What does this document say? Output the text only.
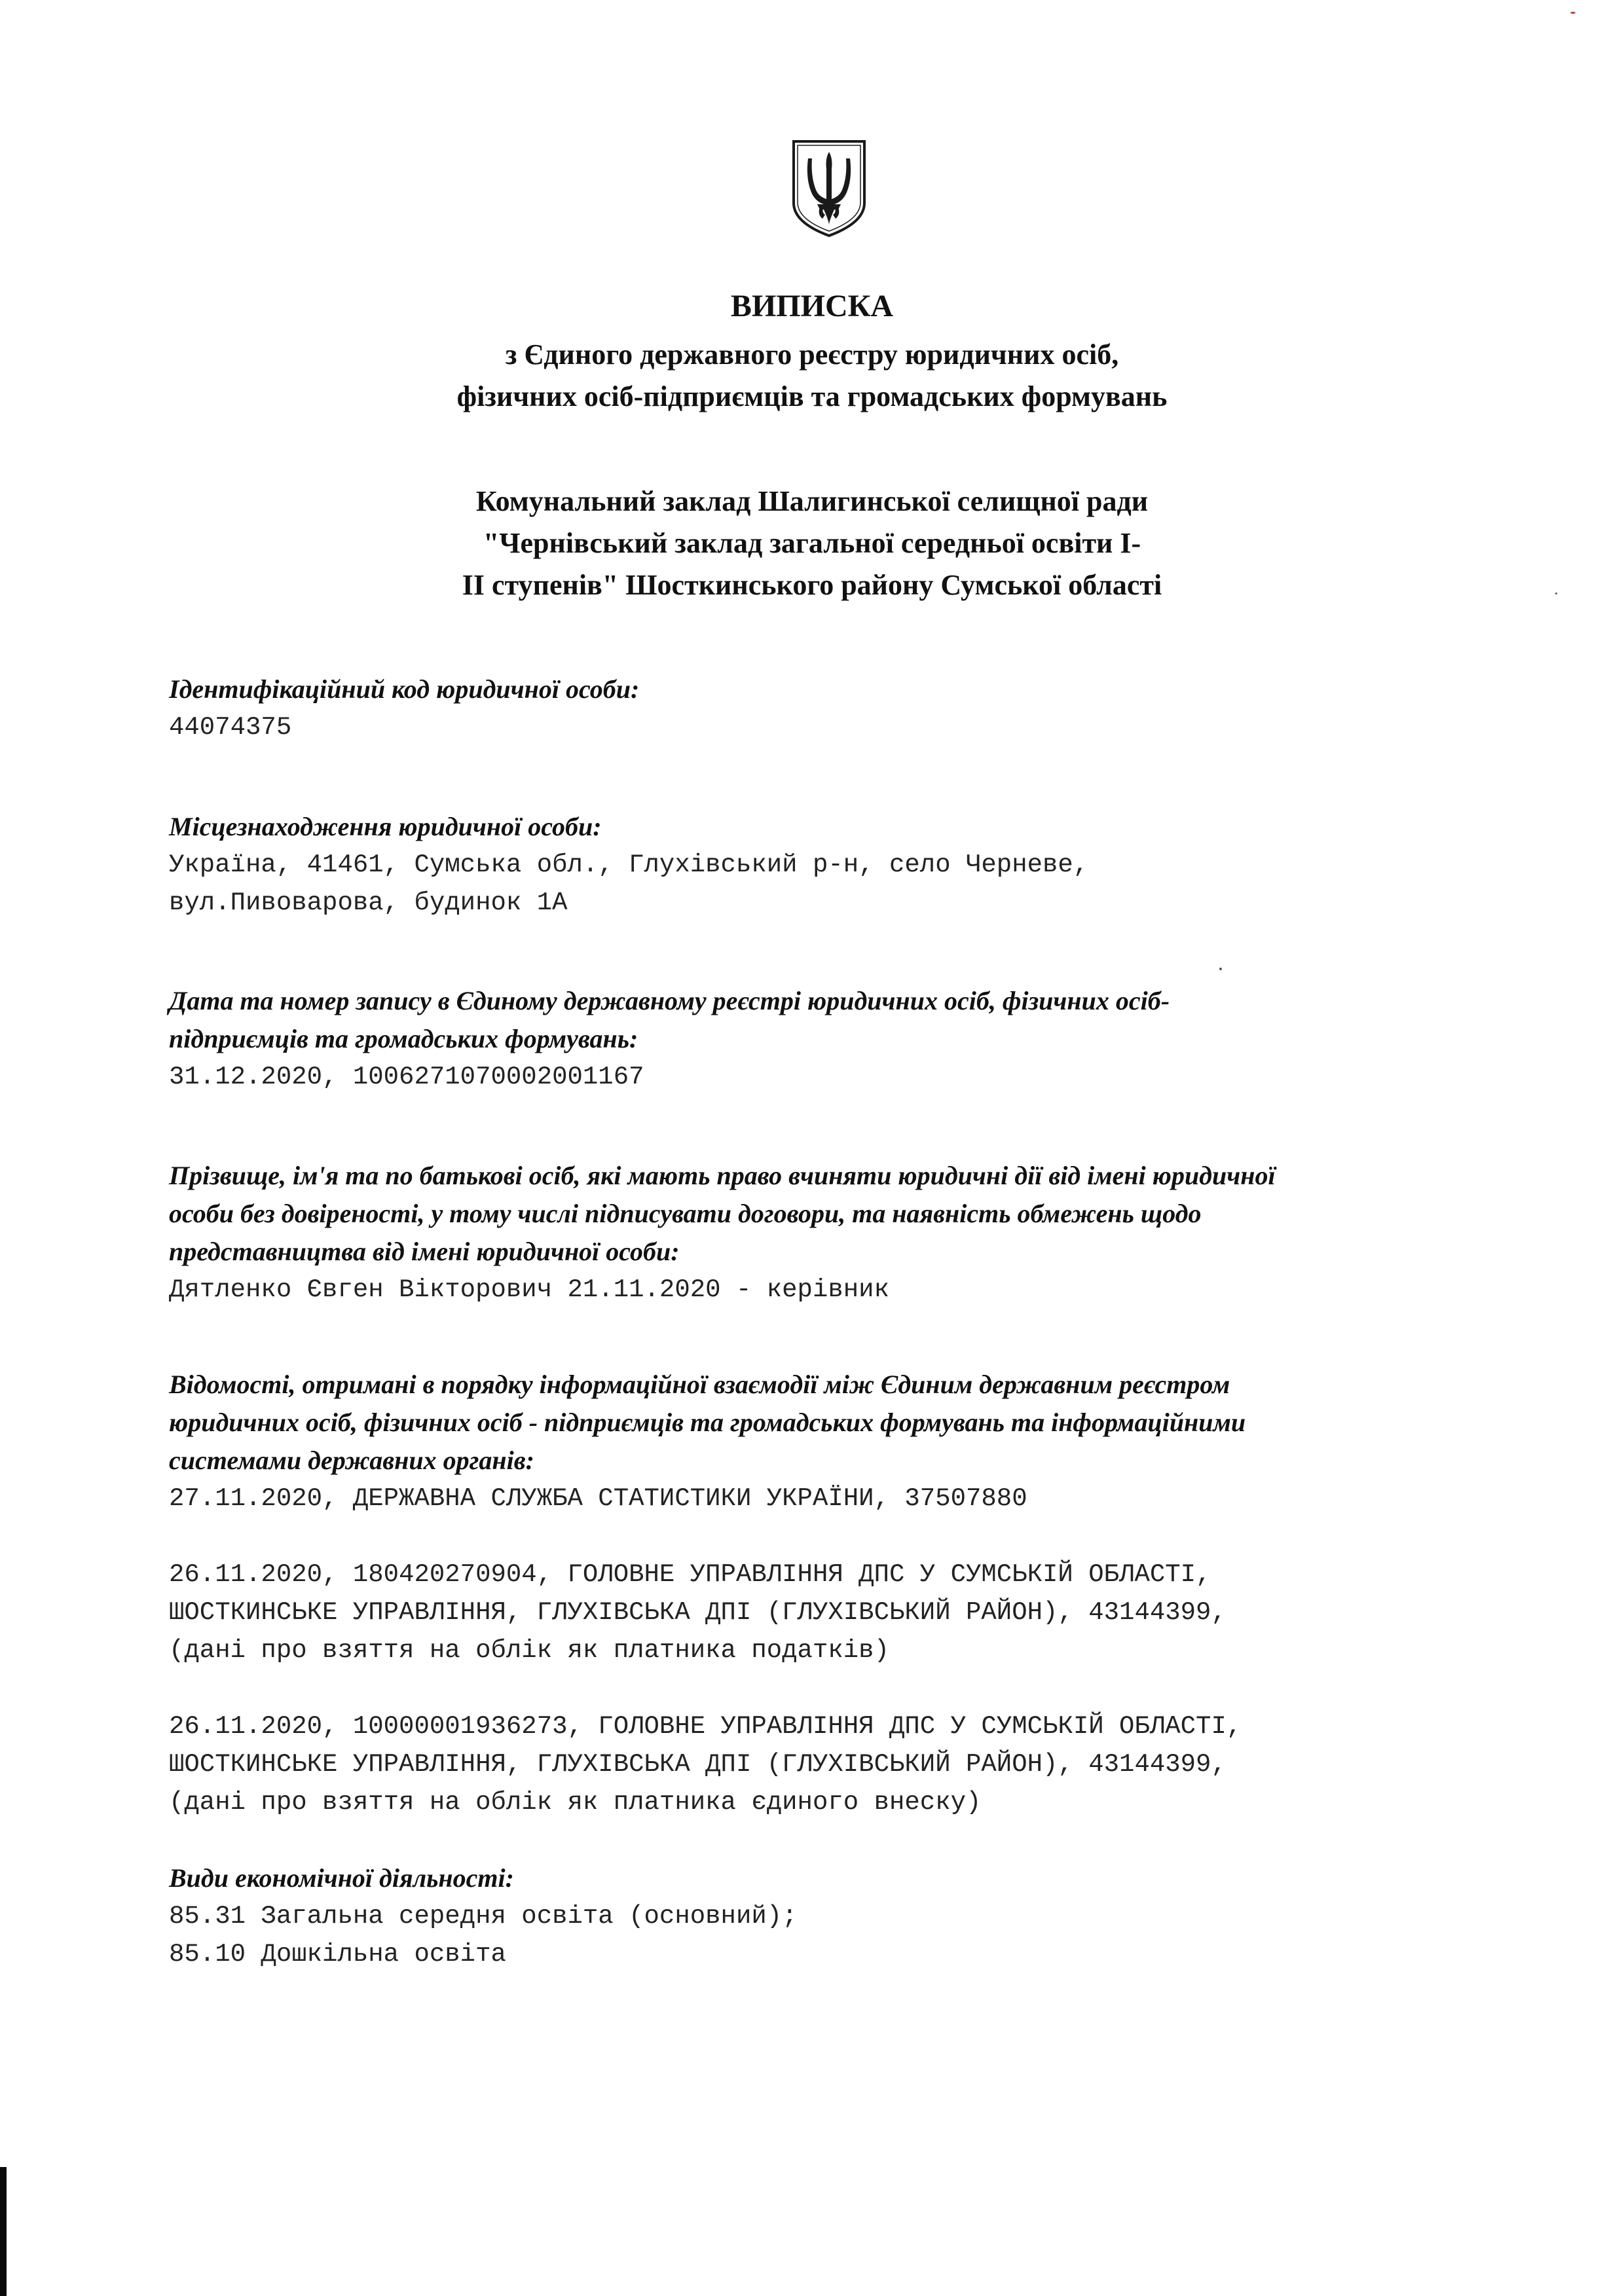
ВИПИСКА
з Єдиного державного реєстру юридичних осіб,
фізичних осіб-підприємців та громадських формувань
Комунальний заклад Шалигинської селищної ради
"Чернівський заклад загальної середньої освіти І-
ІІ ступенів" Шосткинського району Сумської області
Ідентифікаційний код юридичної особи:
44074375
Місцезнаходження юридичної особи:
Україна, 41461, Сумська обл., Глухівський р-н, село Черневе,
вул.Пивоварова, будинок 1А
Дата та номер запису в Єдиному державному реєстрі юридичних осіб, фізичних осіб-
підприємців та громадських формувань:
31.12.2020, 1006271070002001167
Прізвище, ім'я та по батькові осіб, які мають право вчиняти юридичні дії від імені юридичної
особи без довіреності, у тому числі підписувати договори, та наявність обмежень щодо
представництва від імені юридичної особи:
Дятленко Євген Вікторович 21.11.2020 - керівник
Відомості, отримані в порядку інформаційної взаємодії між Єдиним державним реєстром
юридичних осіб, фізичних осіб - підприємців та громадських формувань та інформаційними
системами державних органів:
27.11.2020, ДЕРЖАВНА СЛУЖБА СТАТИСТИКИ УКРАЇНИ, 37507880
26.11.2020, 180420270904, ГОЛОВНЕ УПРАВЛІННЯ ДПС У СУМСЬКІЙ ОБЛАСТІ,
ШОСТКИНСЬКЕ УПРАВЛІННЯ, ГЛУХІВСЬКА ДПІ (ГЛУХІВСЬКИЙ РАЙОН), 43144399,
(дані про взяття на облік як платника податків)
26.11.2020, 10000001936273, ГОЛОВНЕ УПРАВЛІННЯ ДПС У СУМСЬКІЙ ОБЛАСТІ,
ШОСТКИНСЬКЕ УПРАВЛІННЯ, ГЛУХІВСЬКА ДПІ (ГЛУХІВСЬКИЙ РАЙОН), 43144399,
(дані про взяття на облік як платника єдиного внеску)
Види економічної діяльності:
85.31 Загальна середня освіта (основний);
85.10 Дошкільна освіта
